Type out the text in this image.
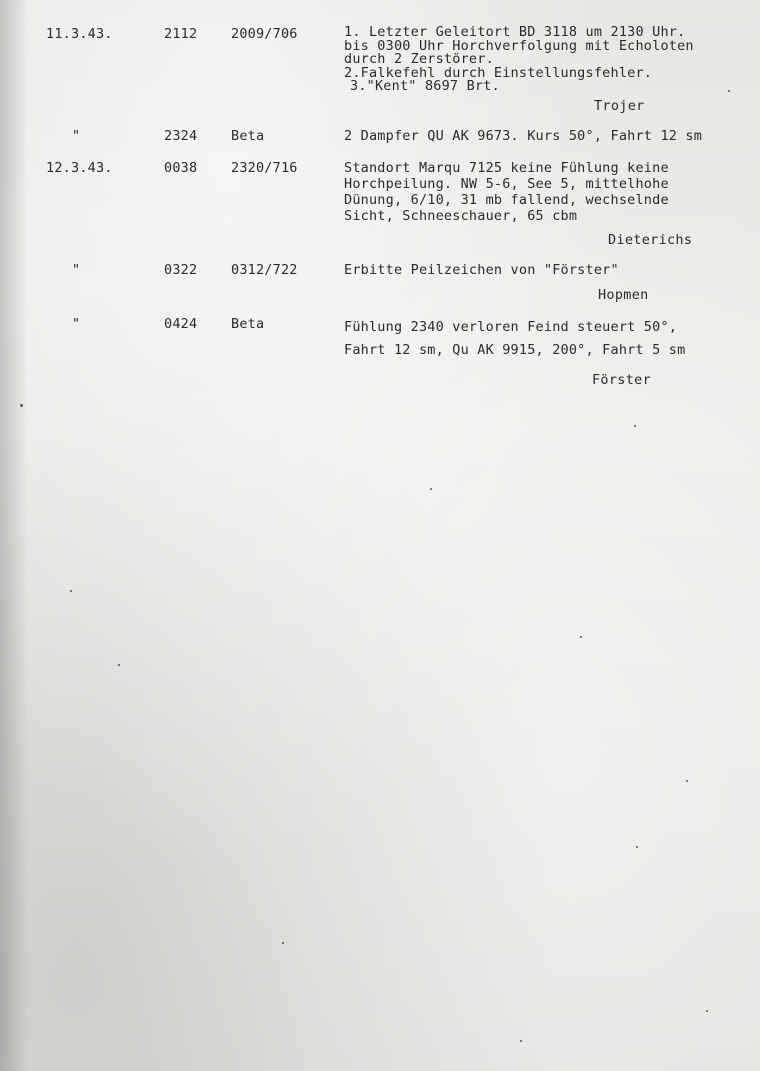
11.3.43.	2112 2009/706	1. Letzter Geleitort BD 3118 um 2130 Uhr.
bis 0300 Uhr Horchverfolgung mit Echoloten
durch 2 Zerstörer.
2.Falkefehl durch Einstellungsfehler.
3."Kent" 8697 Brt.
Trojer
"	2324 Beta	2 Dampfer QU AK 9673. Kurs 50°, Fahrt 12 sm
12.3.43.	0038 2320/716	Standort Marqu 7125 keine Fühlung keine
Horchpeilung. NW 5-6, See 5, mittelhohe
Dünung, 6/10, 31 mb fallend, wechselnde
Sicht, Schneeschauer, 65 cbm
Dieterichs
"	0322 0312/722	Erbitte Peilzeichen von "Förster"
Hopmen
"	0424 Beta	Fühlung 2340 verloren Feind steuert 50°,
Fahrt 12 sm, Qu AK 9915, 200°, Fahrt 5 sm
Förster
